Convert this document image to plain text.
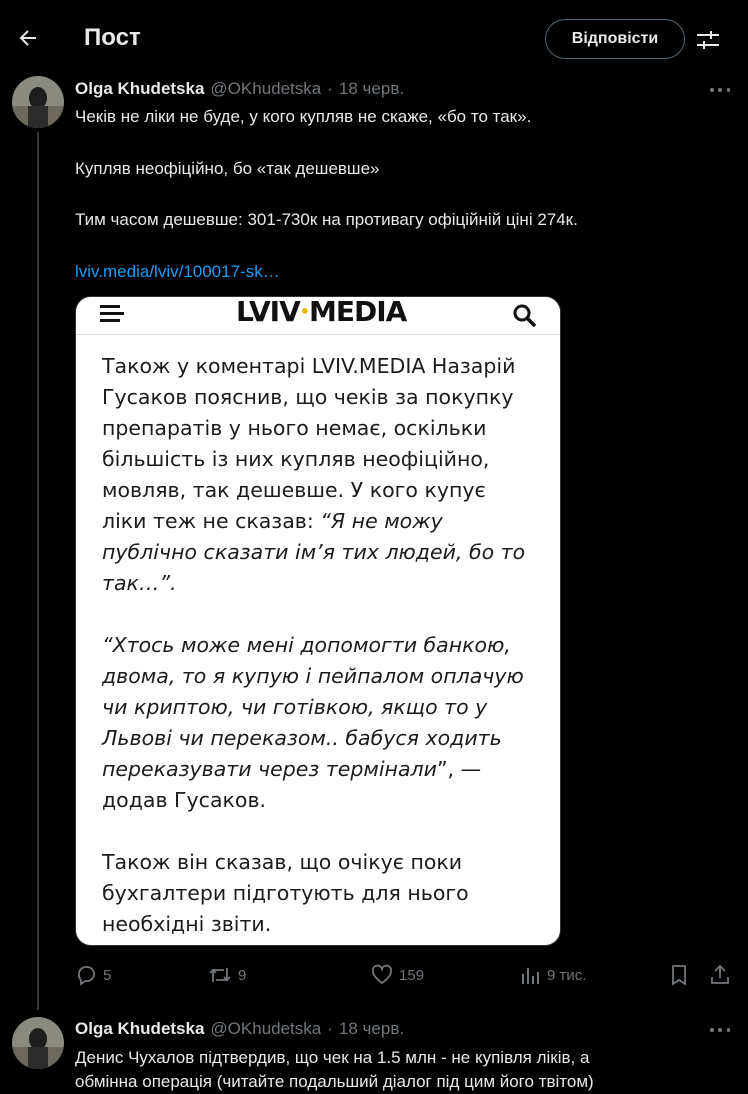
Пост	Відповісти
Olga Khudetska @OKhudetska · 18 черв.
Чеків не ліки не буде, у кого купляв не скаже, «бо то так».
Купляв неофіційно, бо «так дешевше»
Тим часом дешевше: 301-730к на противагу офіційній ціні 274к.
lviv.media/lviv/100017-sk…
LVIV•MEDIA

Також у коментарі LVIV.MEDIA Назарій

Гусаков пояснив, що чеків за покупку

препаратів у нього немає, оскільки

більшість із них купляв неофіційно,

мовляв, так дешевше. У кого купує

ліки теж не сказав: “Я не можу

публічно сказати ім’я тих людей, бо то

так…”.

“Хтось може мені допомогти банкою,

двома, то я купую і пейпалом оплачую

чи криптою, чи готівкою, якщо то у

Львові чи переказом.. бабуся ходить

переказувати через термінали”, —

додав Гусаков.

Також він сказав, що очікує поки

бухгалтери підготують для нього

необхідні звіти.

5	9	159	9 тис.
Olga Khudetska @OKhudetska · 18 черв.
Денис Чухалов підтвердив, що чек на 1.5 млн - не купівля ліків, а
обмінна операція (читайте подальший діалог під цим його твітом)
